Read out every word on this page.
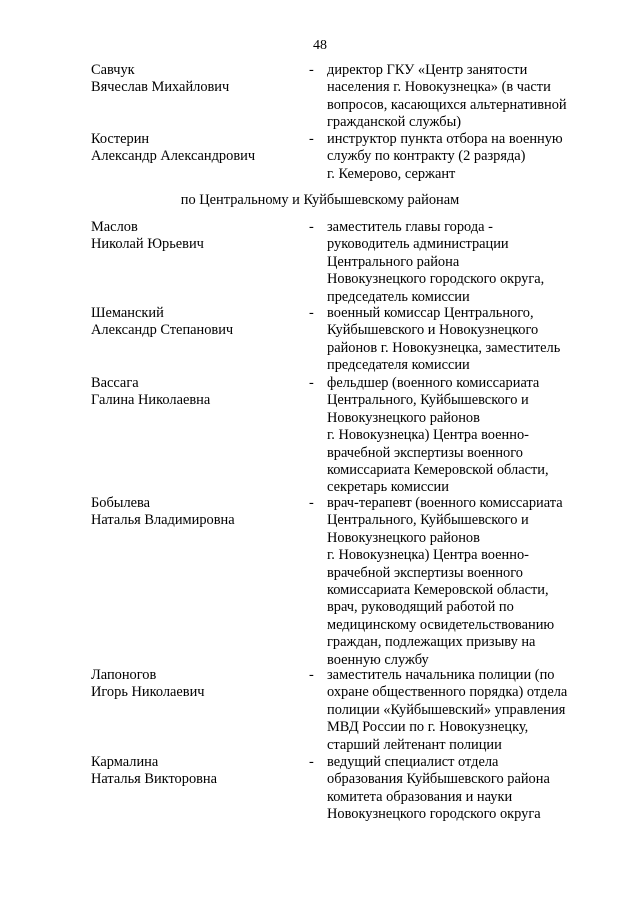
48
Савчук
Вячеслав Михайлович
- директор ГКУ «Центр занятости
населения г. Новокузнецка» (в части
вопросов, касающихся альтернативной
гражданской службы)
Костерин
Александр Александрович
- инструктор пункта отбора на военную
службу по контракту (2 разряда)
г. Кемерово, сержант
по Центральному и Куйбышевскому районам
Маслов
Николай Юрьевич
- заместитель главы города -
руководитель администрации
Центрального района
Новокузнецкого городского округа,
председатель комиссии
Шеманский
Александр Степанович
- военный комиссар Центрального,
Куйбышевского и Новокузнецкого
районов г. Новокузнецка, заместитель
председателя комиссии
Вассага
Галина Николаевна
- фельдшер (военного комиссариата
Центрального, Куйбышевского и
Новокузнецкого районов
г. Новокузнецка) Центра военно-
врачебной экспертизы военного
комиссариата Кемеровской области,
секретарь комиссии
Бобылева
Наталья Владимировна
- врач-терапевт (военного комиссариата
Центрального, Куйбышевского и
Новокузнецкого районов
г. Новокузнецка) Центра военно-
врачебной экспертизы военного
комиссариата Кемеровской области,
врач, руководящий работой по
медицинскому освидетельствованию
граждан, подлежащих призыву на
военную службу
Лапоногов
Игорь Николаевич
- заместитель начальника полиции (по
охране общественного порядка) отдела
полиции «Куйбышевский» управления
МВД России по г. Новокузнецку,
старший лейтенант полиции
Кармалина
Наталья Викторовна
- ведущий специалист отдела
образования Куйбышевского района
комитета образования и науки
Новокузнецкого городского округа
